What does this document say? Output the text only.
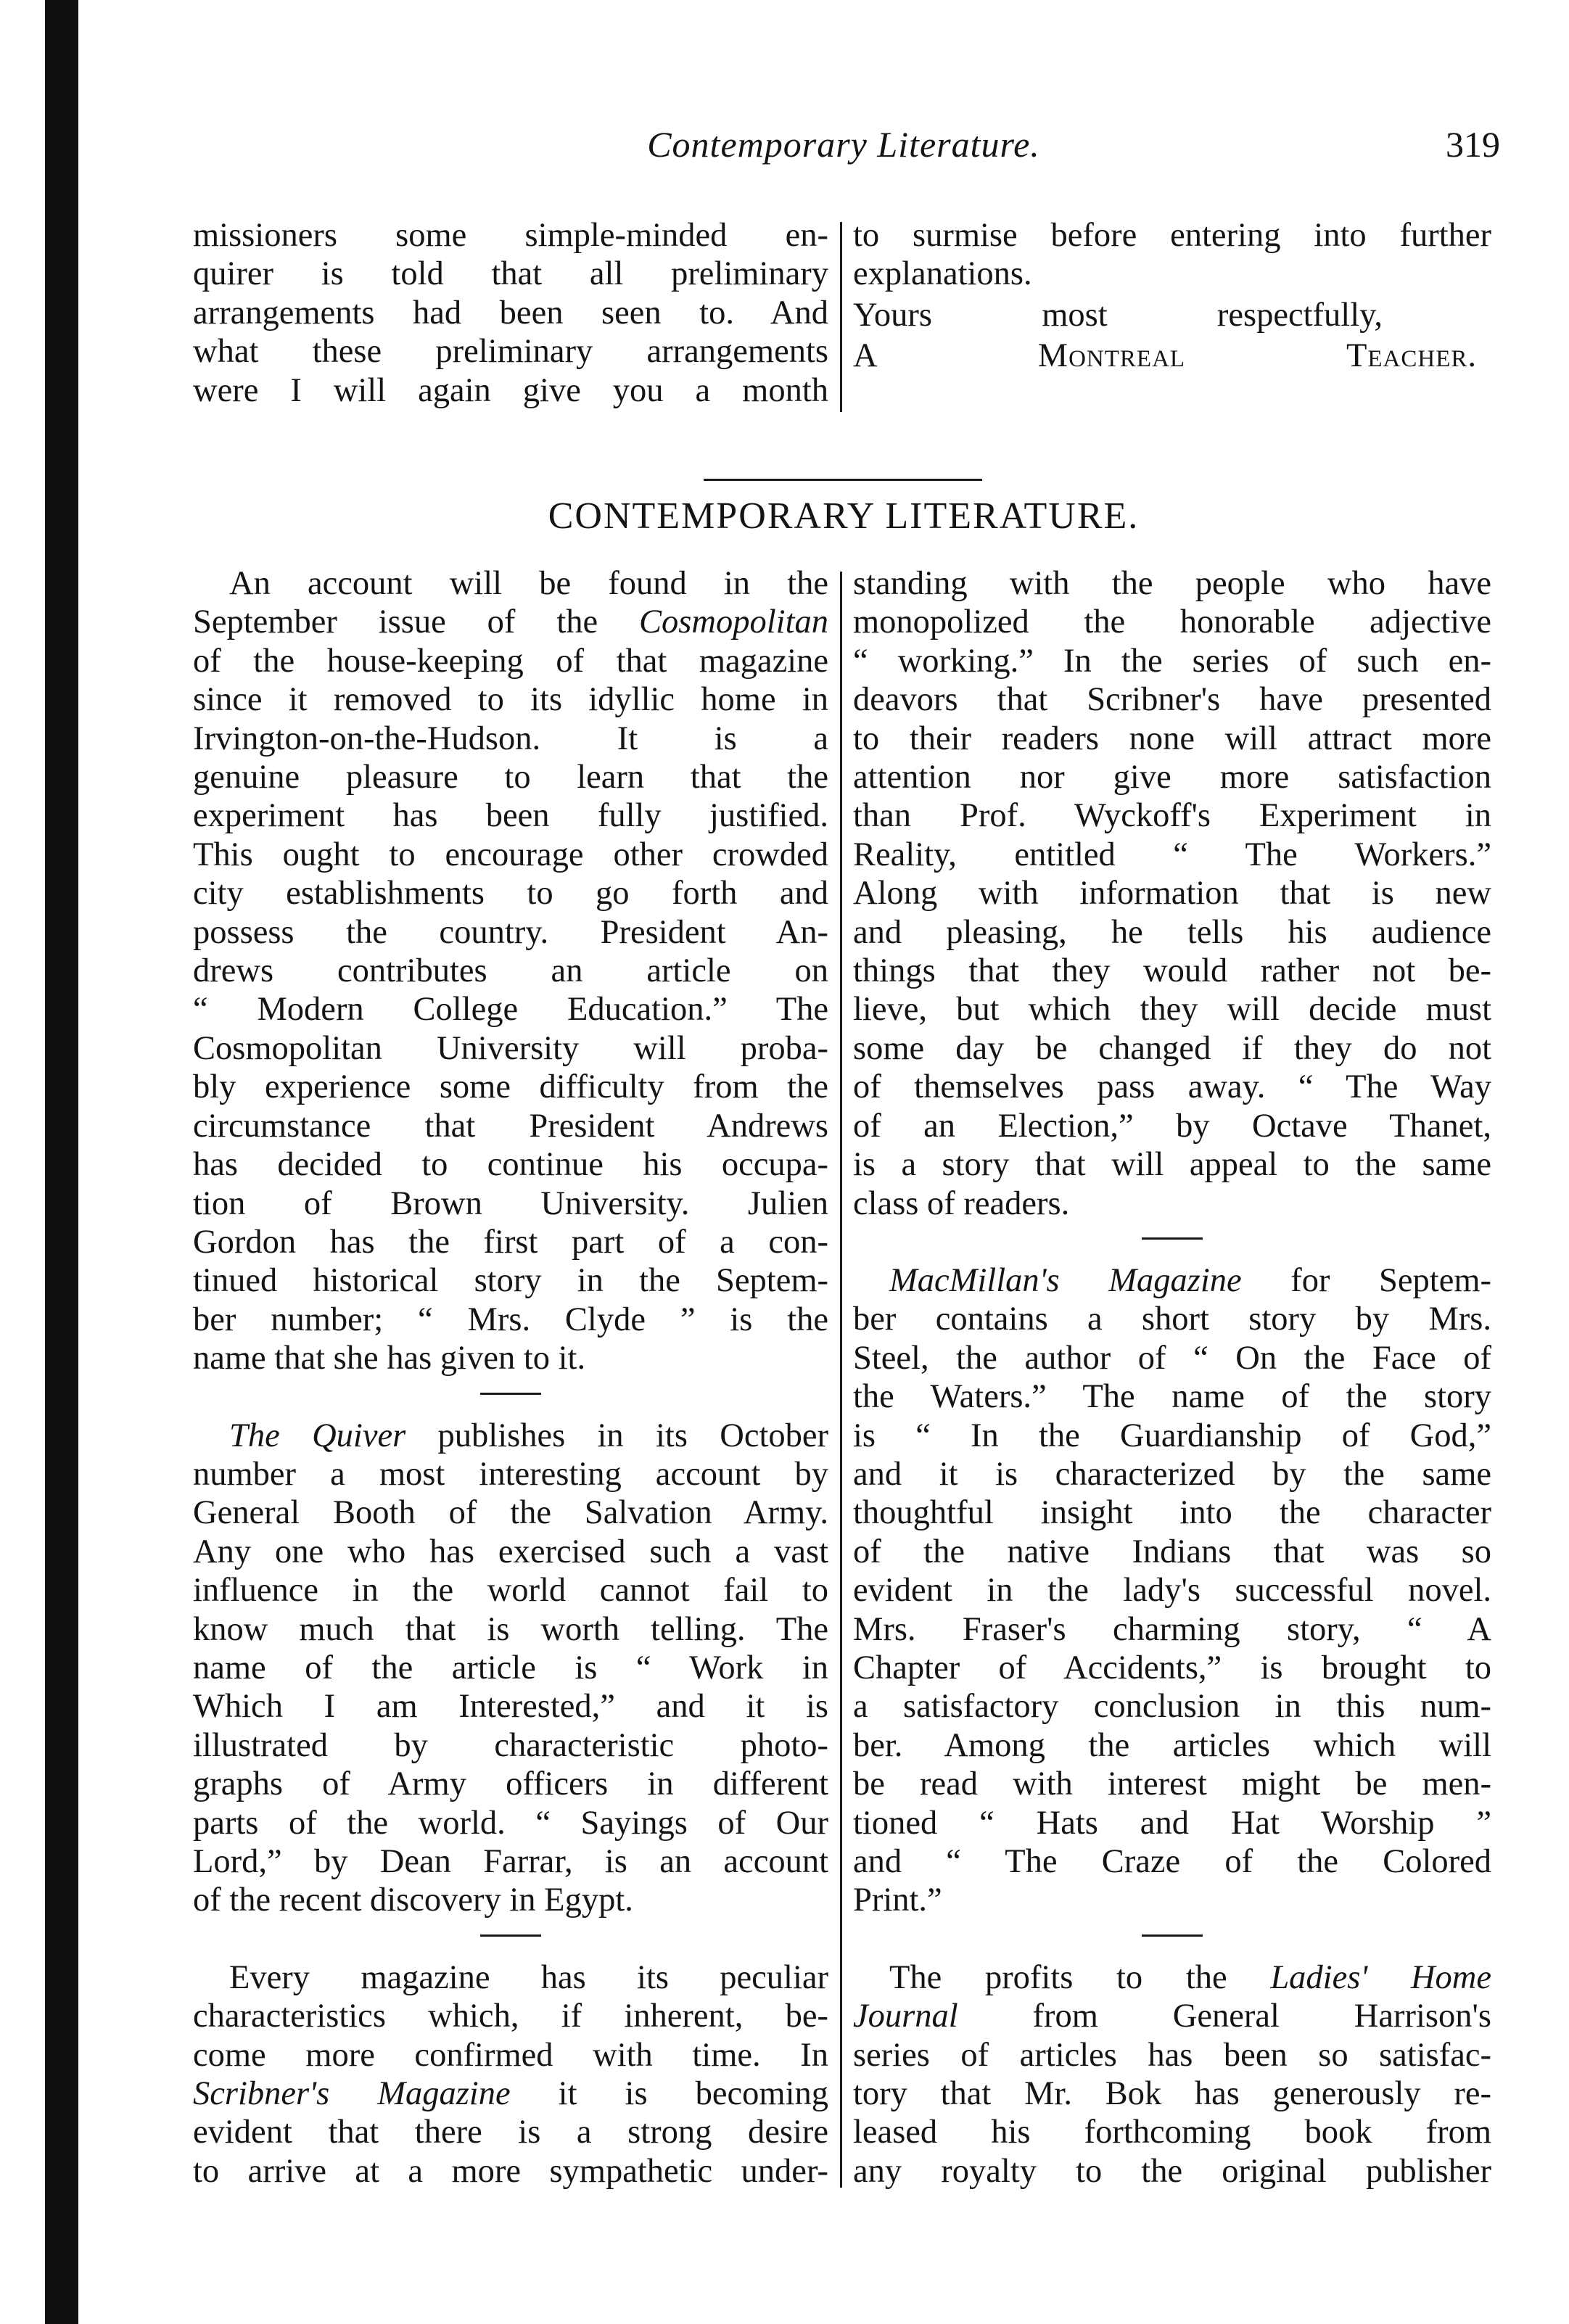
Contemporary Literature.	319

missioners some simple-minded en-

quirer is told that all preliminary

arrangements had been seen to. And

what these preliminary arrangements

were I will again give you a month

to surmise before entering into further

explanations.

Yours most respectfully,

A Montreal Teacher.

CONTEMPORARY LITERATURE.

An account will be found in the

September issue of the Cosmopolitan

of the house-keeping of that magazine

since it removed to its idyllic home in

Irvington-on-the-Hudson. It is a

genuine pleasure to learn that the

experiment has been fully justified.

This ought to encourage other crowded

city establishments to go forth and

possess the country. President An-

drews contributes an article on

“ Modern College Education.” The

Cosmopolitan University will proba-

bly experience some difficulty from the

circumstance that President Andrews

has decided to continue his occupa-

tion of Brown University. Julien

Gordon has the first part of a con-

tinued historical story in the Septem-

ber number; “ Mrs. Clyde ” is the

name that she has given to it.

The Quiver publishes in its October

number a most interesting account by

General Booth of the Salvation Army.

Any one who has exercised such a vast

influence in the world cannot fail to

know much that is worth telling. The

name of the article is “ Work in

Which I am Interested,” and it is

illustrated by characteristic photo-

graphs of Army officers in different

parts of the world. “ Sayings of Our

Lord,” by Dean Farrar, is an account

of the recent discovery in Egypt.

Every magazine has its peculiar

characteristics which, if inherent, be-

come more confirmed with time. In

Scribner's Magazine it is becoming

evident that there is a strong desire

to arrive at a more sympathetic under-

standing with the people who have

monopolized the honorable adjective

“ working.” In the series of such en-

deavors that Scribner's have presented

to their readers none will attract more

attention nor give more satisfaction

than Prof. Wyckoff's Experiment in

Reality, entitled “ The Workers.”

Along with information that is new

and pleasing, he tells his audience

things that they would rather not be-

lieve, but which they will decide must

some day be changed if they do not

of themselves pass away. “ The Way

of an Election,” by Octave Thanet,

is a story that will appeal to the same

class of readers.

MacMillan's Magazine for Septem-

ber contains a short story by Mrs.

Steel, the author of “ On the Face of

the Waters.” The name of the story

is “ In the Guardianship of God,”

and it is characterized by the same

thoughtful insight into the character

of the native Indians that was so

evident in the lady's successful novel.

Mrs. Fraser's charming story, “ A

Chapter of Accidents,” is brought to

a satisfactory conclusion in this num-

ber. Among the articles which will

be read with interest might be men-

tioned “ Hats and Hat Worship ”

and “ The Craze of the Colored

Print.”

The profits to the Ladies' Home

Journal from General Harrison's

series of articles has been so satisfac-

tory that Mr. Bok has generously re-

leased his forthcoming book from

any royalty to the original publisher
